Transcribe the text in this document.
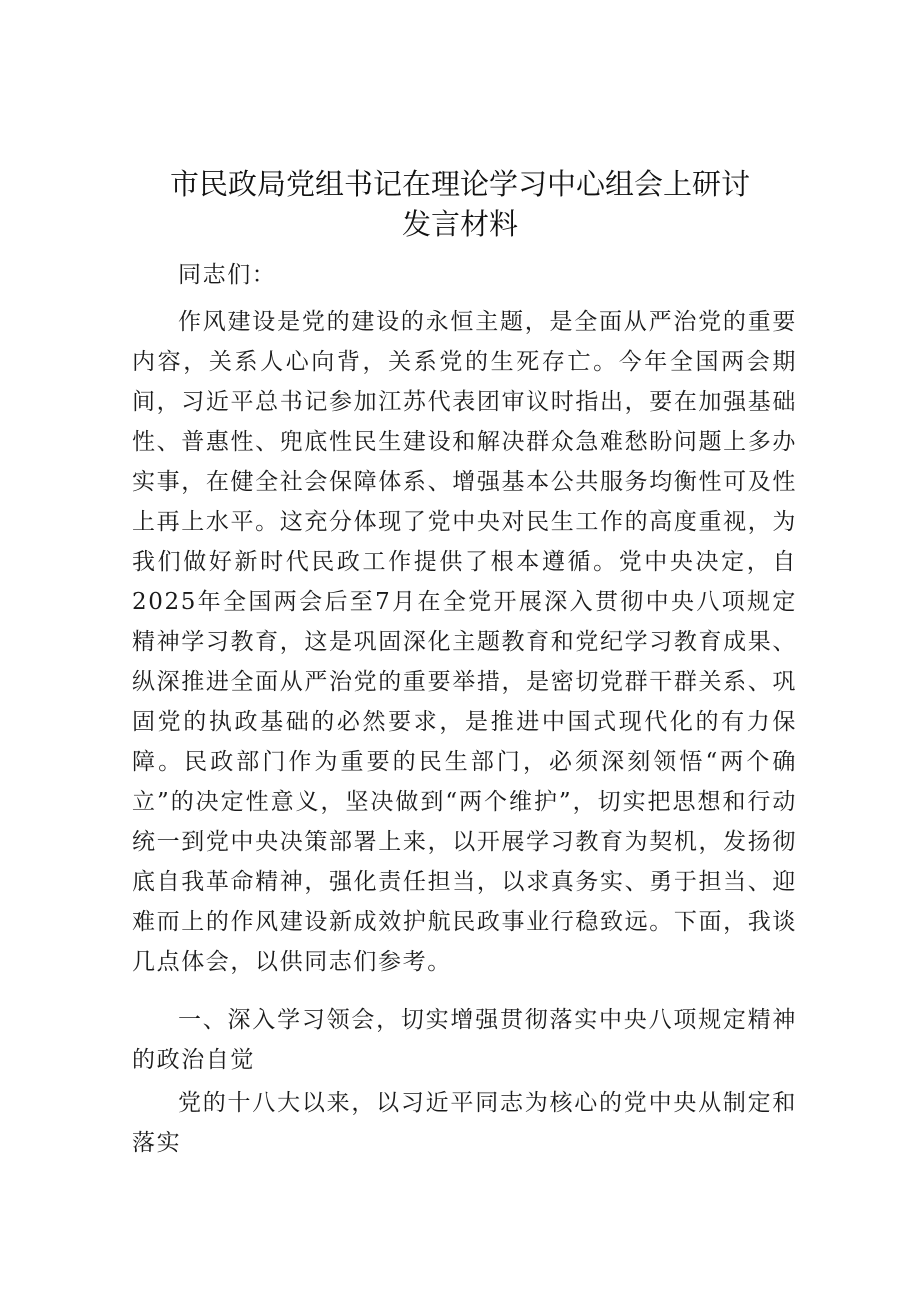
市民政局党组书记在理论学习中心组会上研讨
发言材料

同志们：

作风建设是党的建设的永恒主题，是全面从严治党的重要内容，关系人心向背，关系党的生死存亡。今年全国两会期间，习近平总书记参加江苏代表团审议时指出，要在加强基础性、普惠性、兜底性民生建设和解决群众急难愁盼问题上多办实事，在健全社会保障体系、增强基本公共服务均衡性可及性上再上水平。这充分体现了党中央对民生工作的高度重视，为我们做好新时代民政工作提供了根本遵循。党中央决定，自2025年全国两会后至7月在全党开展深入贯彻中央八项规定精神学习教育，这是巩固深化主题教育和党纪学习教育成果、纵深推进全面从严治党的重要举措，是密切党群干群关系、巩固党的执政基础的必然要求，是推进中国式现代化的有力保障。民政部门作为重要的民生部门，必须深刻领悟“两个确立”的决定性意义，坚决做到“两个维护”，切实把思想和行动统一到党中央决策部署上来，以开展学习教育为契机，发扬彻底自我革命精神，强化责任担当，以求真务实、勇于担当、迎难而上的作风建设新成效护航民政事业行稳致远。下面，我谈几点体会，以供同志们参考。

一、深入学习领会，切实增强贯彻落实中央八项规定精神的政治自觉

党的十八大以来，以习近平同志为核心的党中央从制定和落实
